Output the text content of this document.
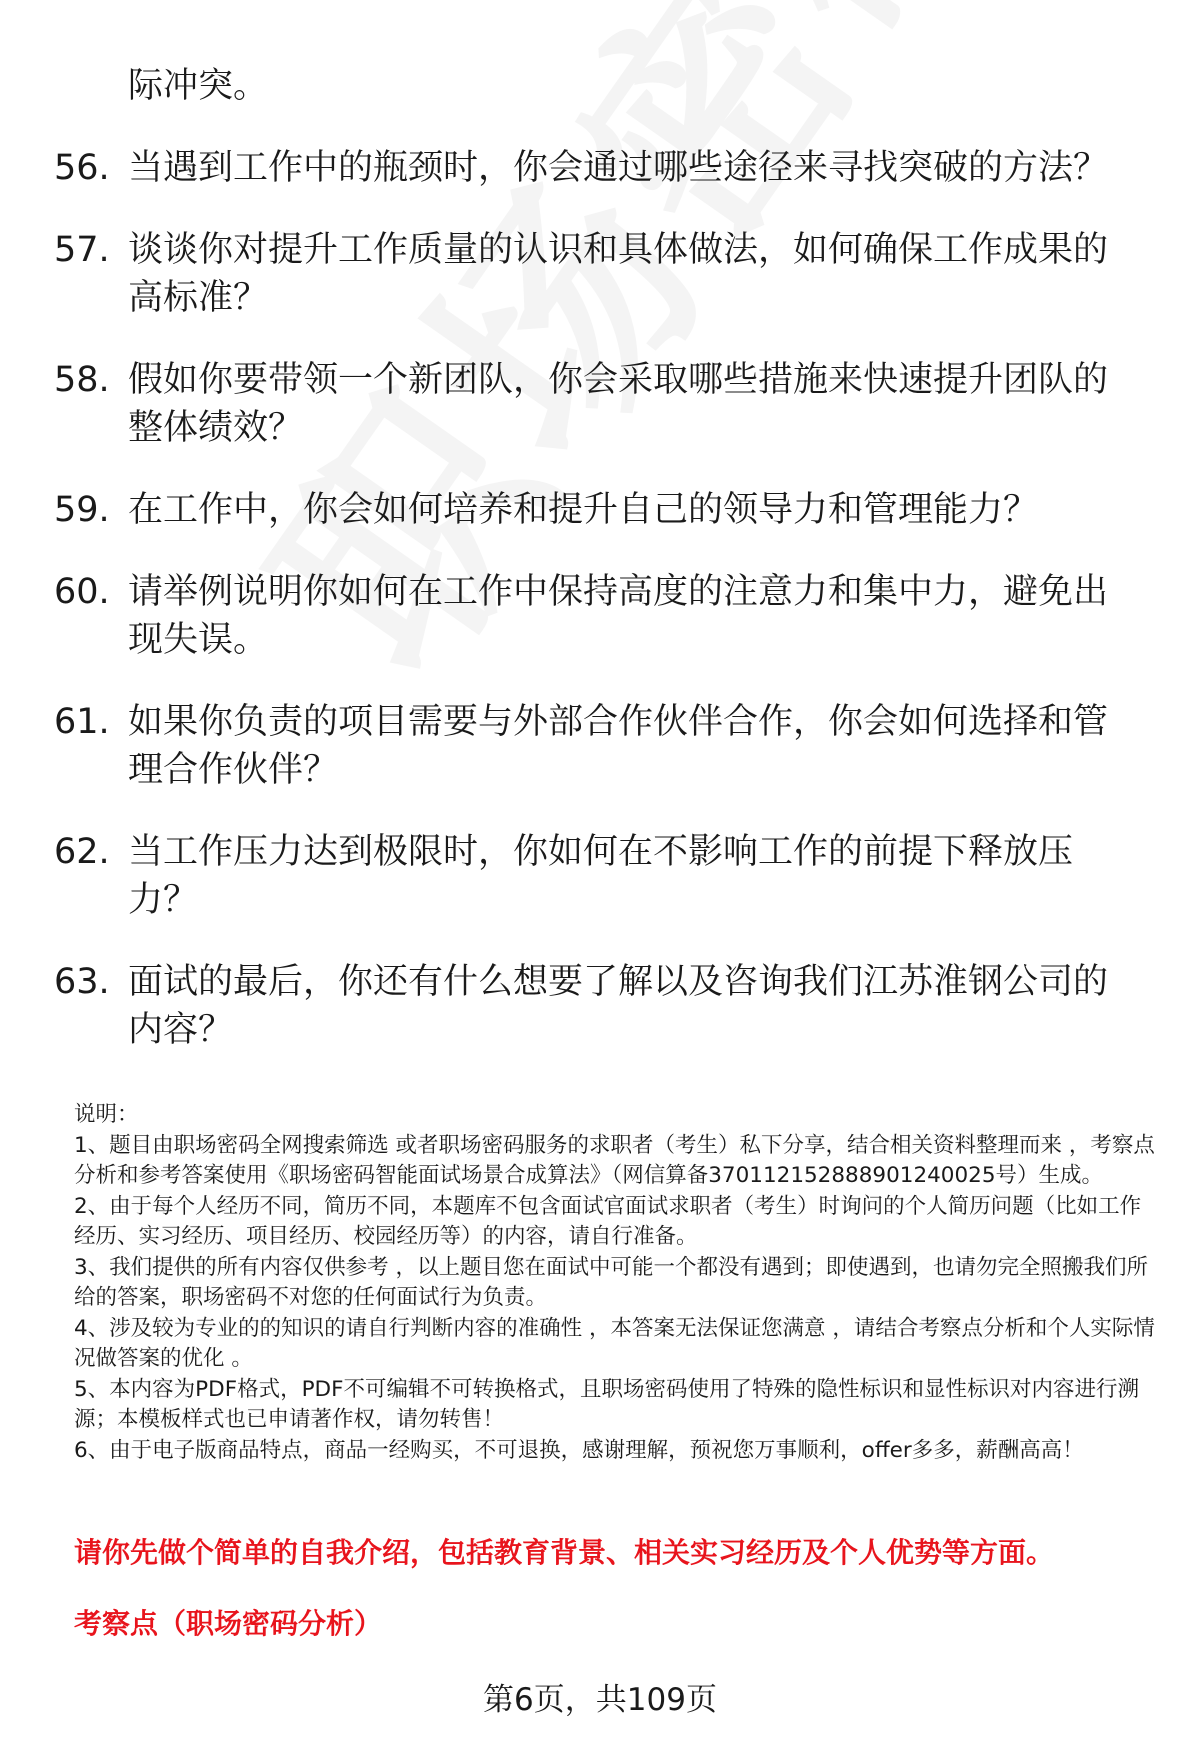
际冲突。

56. 当遇到工作中的瓶颈时，你会通过哪些途径来寻找突破的方法？
57. 谈谈你对提升工作质量的认识和具体做法，如何确保工作成果的高标准？
58. 假如你要带领一个新团队，你会采取哪些措施来快速提升团队的整体绩效？
59. 在工作中，你会如何培养和提升自己的领导力和管理能力？
60. 请举例说明你如何在工作中保持高度的注意力和集中力，避免出现失误。
61. 如果你负责的项目需要与外部合作伙伴合作，你会如何选择和管理合作伙伴？
62. 当工作压力达到极限时，你如何在不影响工作的前提下释放压力？
63. 面试的最后，你还有什么想要了解以及咨询我们江苏淮钢公司的内容？

说明：

1、题目由职场密码全网搜索筛选 或者职场密码服务的求职者（考生）私下分享，结合相关资料整理而来 ，考察点分析和参考答案使用《职场密码智能面试场景合成算法》（网信算备370112152888901240025号）生成。

2、由于每个人经历不同，简历不同，本题库不包含面试官面试求职者（考生）时询问的个人简历问题（比如工作经历、实习经历、项目经历、校园经历等）的内容，请自行准备。

3、我们提供的所有内容仅供参考 ，以上题目您在面试中可能一个都没有遇到；即使遇到，也请勿完全照搬我们所给的答案，职场密码不对您的任何面试行为负责。

4、涉及较为专业的的知识的请自行判断内容的准确性 ，本答案无法保证您满意 ，请结合考察点分析和个人实际情况做答案的优化 。

5、本内容为PDF格式，PDF不可编辑不可转换格式，且职场密码使用了特殊的隐性标识和显性标识对内容进行溯源；本模板样式也已申请著作权，请勿转售！

6、由于电子版商品特点，商品一经购买，不可退换，感谢理解，预祝您万事顺利，offer多多，薪酬高高！

请你先做个简单的自我介绍，包括教育背景、相关实习经历及个人优势等方面。

考察点（职场密码分析）

第6页，共109页
